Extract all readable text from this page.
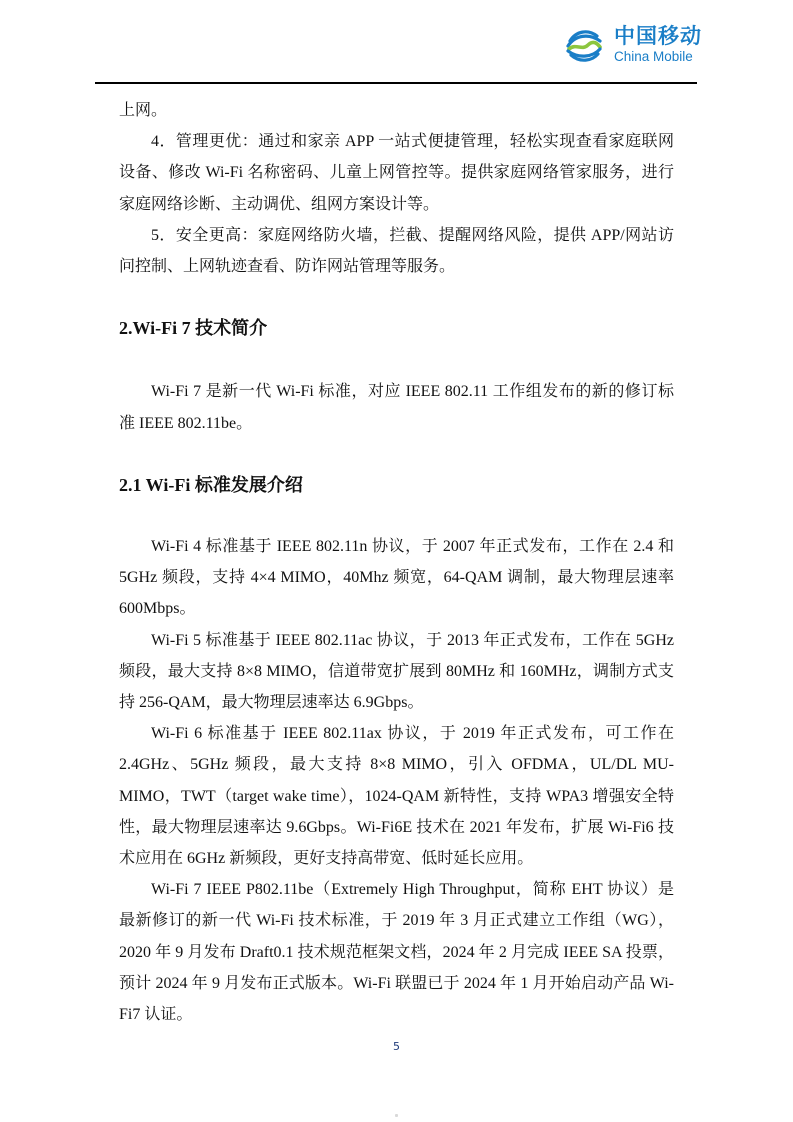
中国移动
China Mobile

上网。

4．管理更优：通过和家亲 APP 一站式便捷管理，轻松实现查看家庭联网设备、修改 Wi-Fi 名称密码、儿童上网管控等。提供家庭网络管家服务，进行家庭网络诊断、主动调优、组网方案设计等。

5．安全更高：家庭网络防火墙，拦截、提醒网络风险，提供 APP/网站访问控制、上网轨迹查看、防诈网站管理等服务。

2.Wi-Fi 7 技术简介

Wi-Fi 7 是新一代 Wi-Fi 标准，对应 IEEE 802.11 工作组发布的新的修订标准 IEEE 802.11be。

2.1 Wi-Fi 标准发展介绍

Wi-Fi 4 标准基于 IEEE 802.11n 协议，于 2007 年正式发布，工作在 2.4 和 5GHz 频段，支持 4×4 MIMO，40Mhz 频宽，64-QAM 调制，最大物理层速率 600Mbps。

Wi-Fi 5 标准基于 IEEE 802.11ac 协议，于 2013 年正式发布，工作在 5GHz 频段，最大支持 8×8 MIMO，信道带宽扩展到 80MHz 和 160MHz，调制方式支持 256-QAM，最大物理层速率达 6.9Gbps。

Wi-Fi 6 标准基于 IEEE 802.11ax 协议，于 2019 年正式发布，可工作在 2.4GHz、5GHz 频段，最大支持 8×8 MIMO，引入 OFDMA，UL/DL MU-MIMO，TWT（target wake time），1024-QAM 新特性，支持 WPA3 增强安全特性，最大物理层速率达 9.6Gbps。Wi-Fi6E 技术在 2021 年发布，扩展 Wi-Fi6 技术应用在 6GHz 新频段，更好支持高带宽、低时延长应用。

Wi-Fi 7 IEEE P802.11be（Extremely High Throughput，简称 EHT 协议）是最新修订的新一代 Wi-Fi 技术标准，于 2019 年 3 月正式建立工作组（WG），2020 年 9 月发布 Draft0.1 技术规范框架文档，2024 年 2 月完成 IEEE SA 投票，预计 2024 年 9 月发布正式版本。Wi-Fi 联盟已于 2024 年 1 月开始启动产品 Wi-Fi7 认证。

5
